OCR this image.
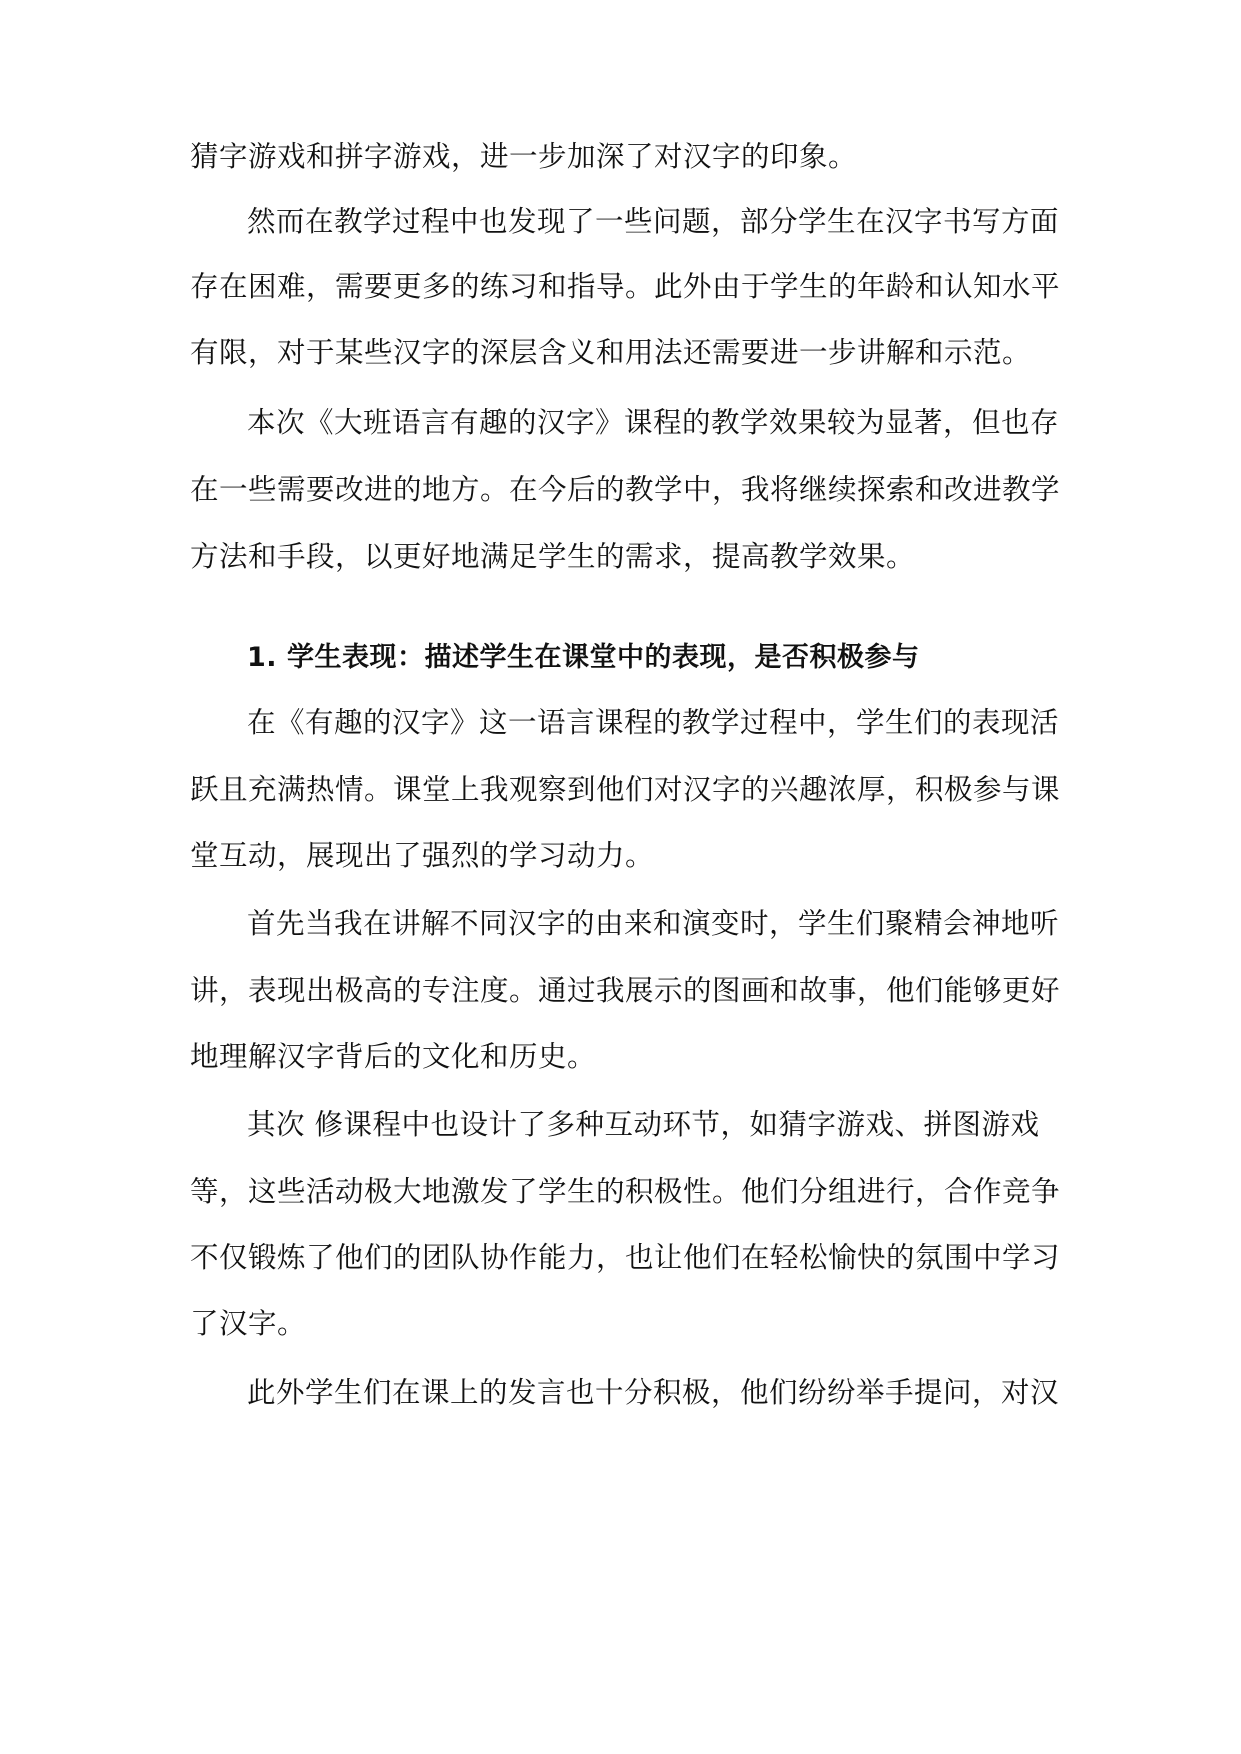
猜字游戏和拼字游戏，进一步加深了对汉字的印象。
然而在教学过程中也发现了一些问题，部分学生在汉字书写方面
存在困难，需要更多的练习和指导。此外由于学生的年龄和认知水平
有限，对于某些汉字的深层含义和用法还需要进一步讲解和示范。
本次《大班语言有趣的汉字》课程的教学效果较为显著，但也存
在一些需要改进的地方。在今后的教学中，我将继续探索和改进教学
方法和手段，以更好地满足学生的需求，提高教学效果。
1. 学生表现：描述学生在课堂中的表现，是否积极参与
在《有趣的汉字》这一语言课程的教学过程中，学生们的表现活
跃且充满热情。课堂上我观察到他们对汉字的兴趣浓厚，积极参与课
堂互动，展现出了强烈的学习动力。
首先当我在讲解不同汉字的由来和演变时，学生们聚精会神地听
讲，表现出极高的专注度。通过我展示的图画和故事，他们能够更好
地理解汉字背后的文化和历史。
其次 修课程中也设计了多种互动环节，如猜字游戏、拼图游戏
等，这些活动极大地激发了学生的积极性。他们分组进行，合作竞争
不仅锻炼了他们的团队协作能力，也让他们在轻松愉快的氛围中学习
了汉字。
此外学生们在课上的发言也十分积极，他们纷纷举手提问，对汉
